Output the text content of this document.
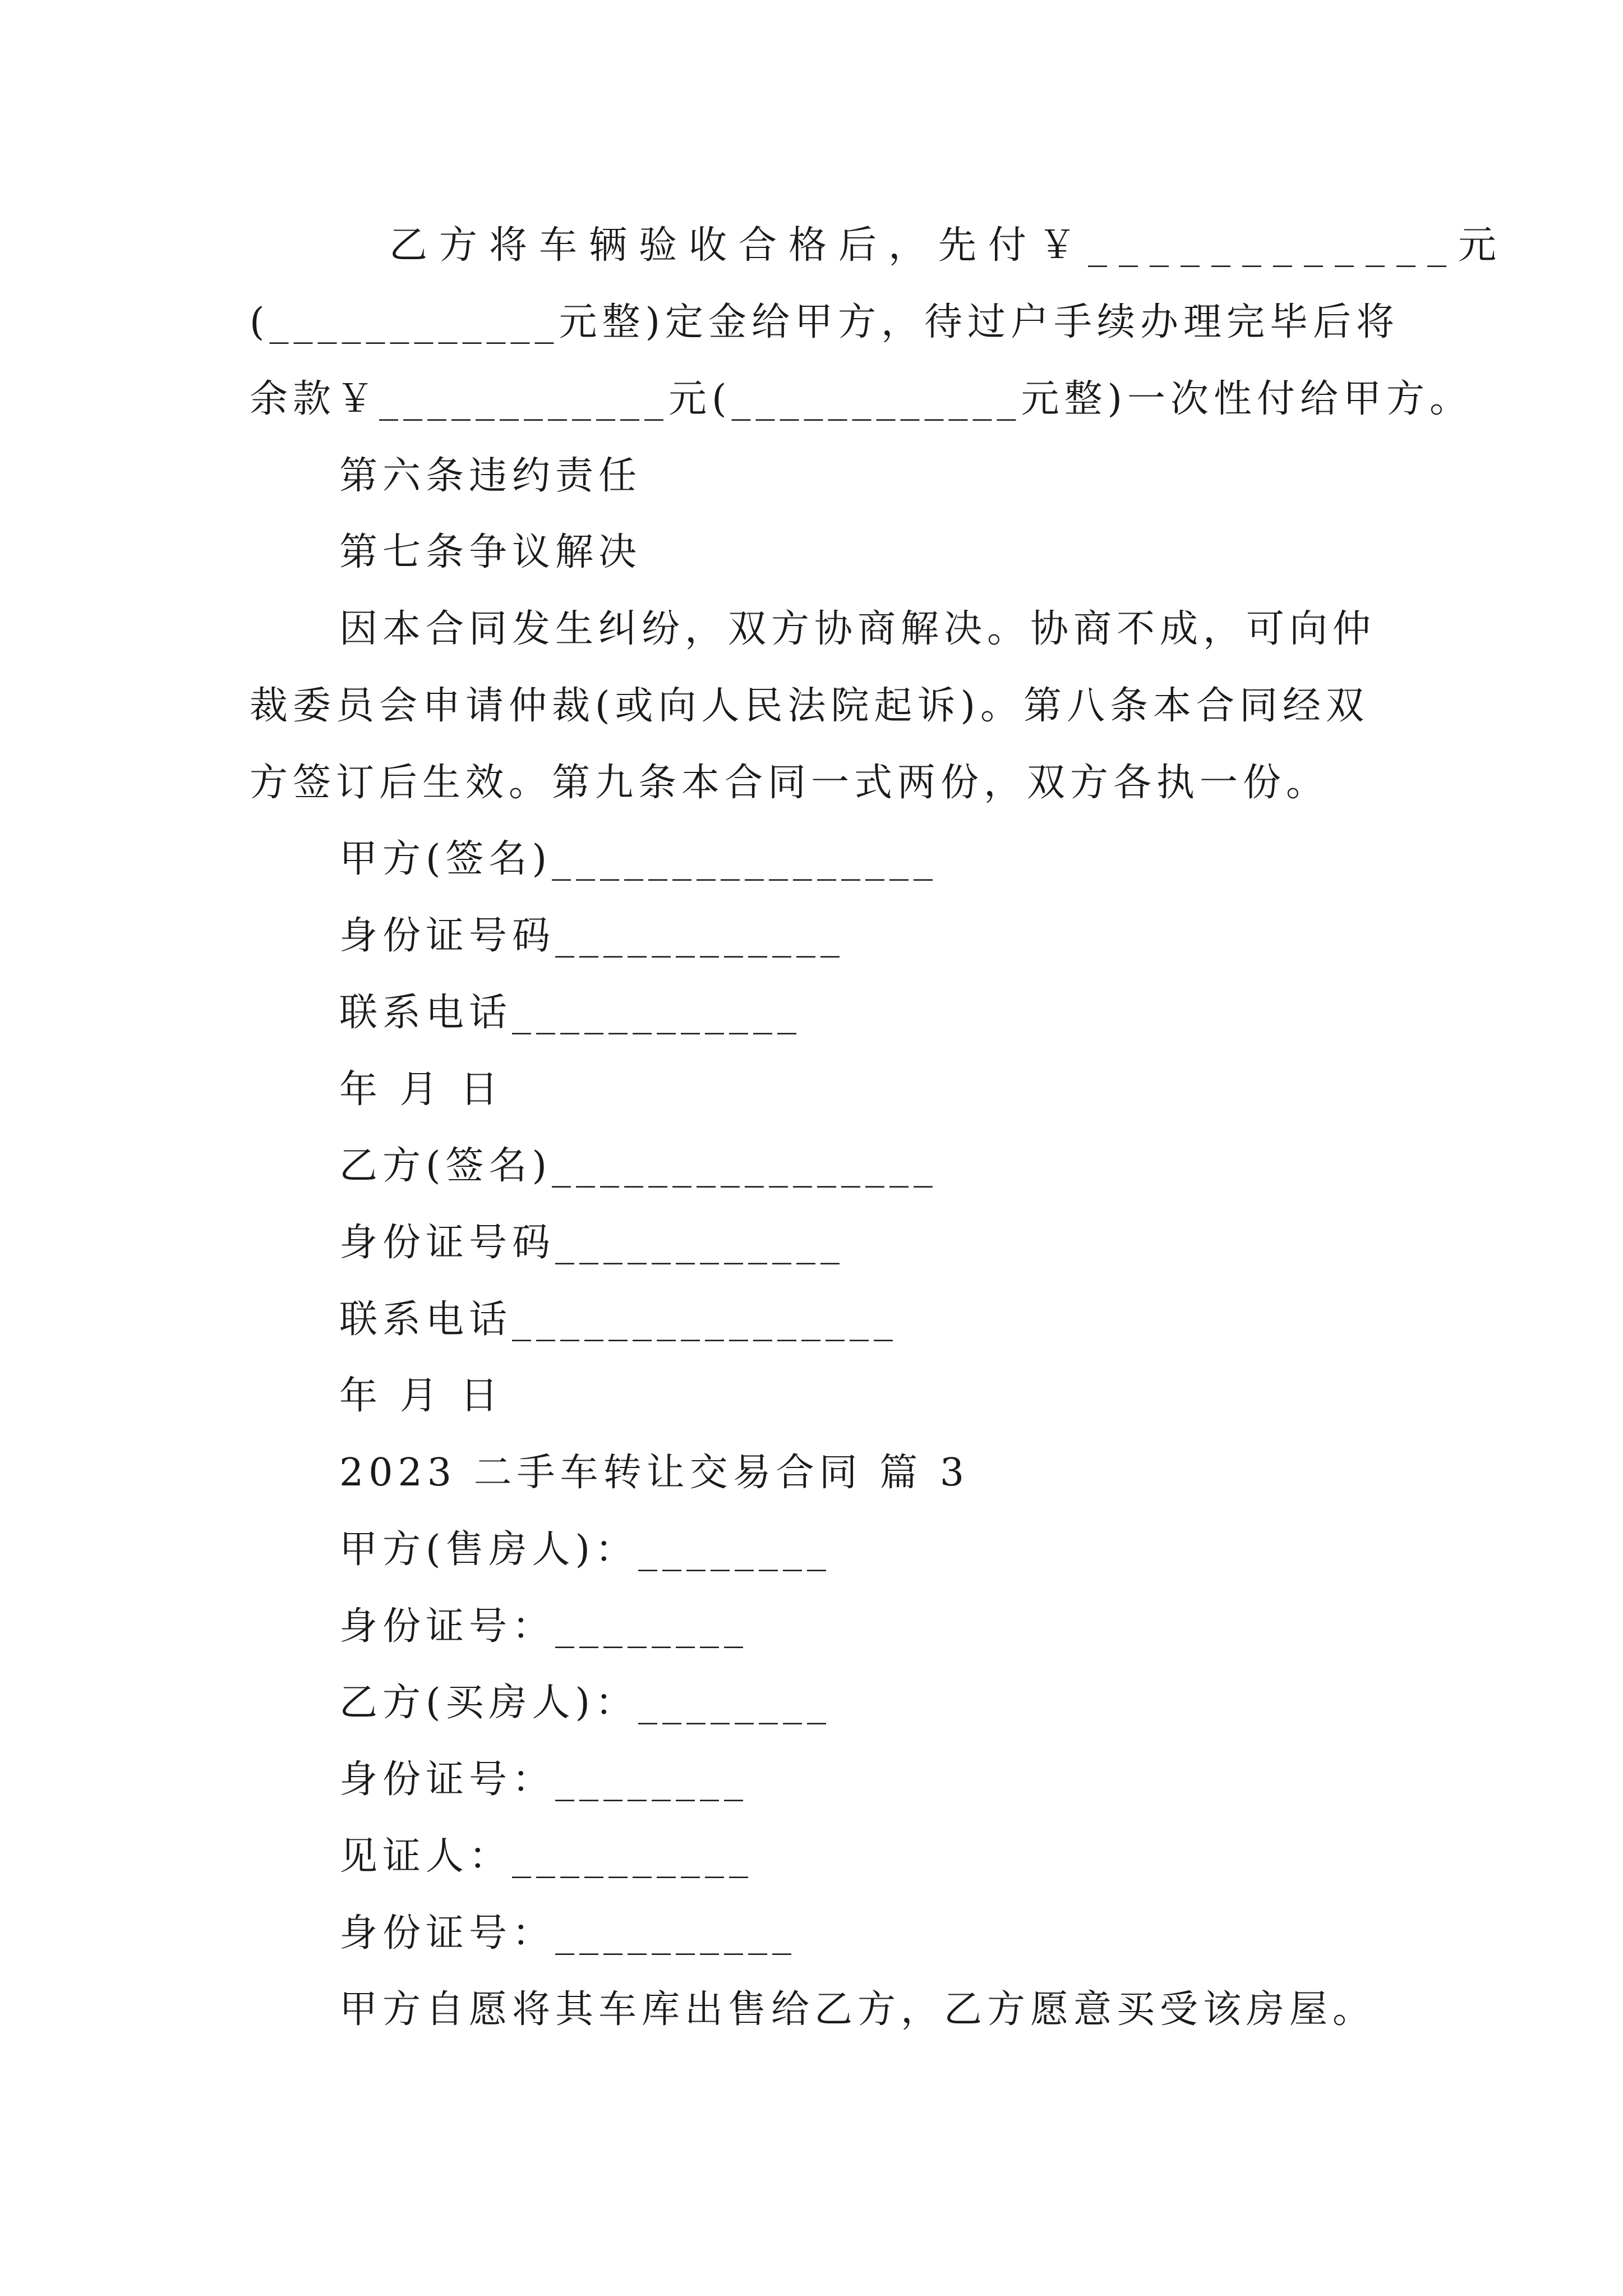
　乙方将车辆验收合格后，先付￥____________元
(____________元整)定金给甲方，待过户手续办理完毕后将
余款￥____________元(____________元整)一次性付给甲方。
第六条违约责任
第七条争议解决
因本合同发生纠纷，双方协商解决。协商不成，可向仲
裁委员会申请仲裁(或向人民法院起诉)。第八条本合同经双
方签订后生效。第九条本合同一式两份，双方各执一份。
甲方(签名)________________
身份证号码____________
联系电话____________
年 月 日
乙方(签名)________________
身份证号码____________
联系电话________________
年 月 日
2023 二手车转让交易合同 篇 3
甲方(售房人)：________
身份证号：________
乙方(买房人)：________
身份证号：________
见证人：__________
身份证号：__________
甲方自愿将其车库出售给乙方，乙方愿意买受该房屋。
